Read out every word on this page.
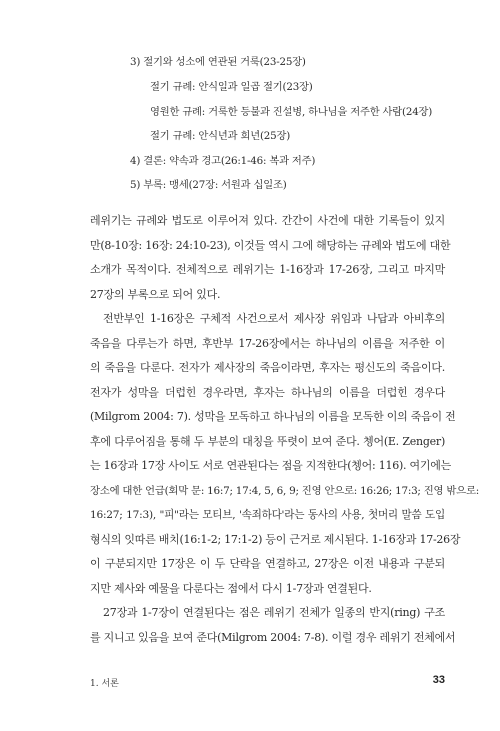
3) 절기와 성소에 연관된 거룩(23-25장)
절기 규례: 안식일과 일곱 절기(23장)
영원한 규례: 거룩한 등불과 진설병, 하나님을 저주한 사람(24장)
절기 규례: 안식년과 희년(25장)
4) 결론: 약속과 경고(26:1-46: 복과 저주)
5) 부록: 맹세(27장: 서원과 십일조)
레위기는 규례와 법도로 이루어져 있다. 간간이 사건에 대한 기록들이 있지
만(8-10장: 16장: 24:10-23), 이것들 역시 그에 해당하는 규례와 법도에 대한
소개가 목적이다. 전체적으로 레위기는 1-16장과 17-26장, 그리고 마지막
27장의 부록으로 되어 있다.
전반부인 1-16장은 구체적 사건으로서 제사장 위임과 나답과 아비후의
죽음을 다루는가 하면, 후반부 17-26장에서는 하나님의 이름을 저주한 이
의 죽음을 다룬다. 전자가 제사장의 죽음이라면, 후자는 평신도의 죽음이다.
전자가 성막을 더럽힌 경우라면, 후자는 하나님의 이름을 더럽힌 경우다
(Milgrom 2004: 7). 성막을 모독하고 하나님의 이름을 모독한 이의 죽음이 전
후에 다루어짐을 통해 두 부분의 대칭을 뚜렷이 보여 준다. 쳉어(E. Zenger)
는 16장과 17장 사이도 서로 연관된다는 점을 지적한다(쳉어: 116). 여기에는
장소에 대한 언급(회막 문: 16:7; 17:4, 5, 6, 9; 진영 안으로: 16:26; 17:3; 진영 밖으로:
16:27; 17:3), "피"라는 모티브, '속죄하다'라는 동사의 사용, 첫머리 말씀 도입
형식의 잇따른 배치(16:1-2; 17:1-2) 등이 근거로 제시된다. 1-16장과 17-26장
이 구분되지만 17장은 이 두 단락을 연결하고, 27장은 이전 내용과 구분되
지만 제사와 예물을 다룬다는 점에서 다시 1-7장과 연결된다.
27장과 1-7장이 연결된다는 점은 레위기 전체가 일종의 반지(ring) 구조
를 지니고 있음을 보여 준다(Milgrom 2004: 7-8). 이럴 경우 레위기 전체에서
1. 서론	33
